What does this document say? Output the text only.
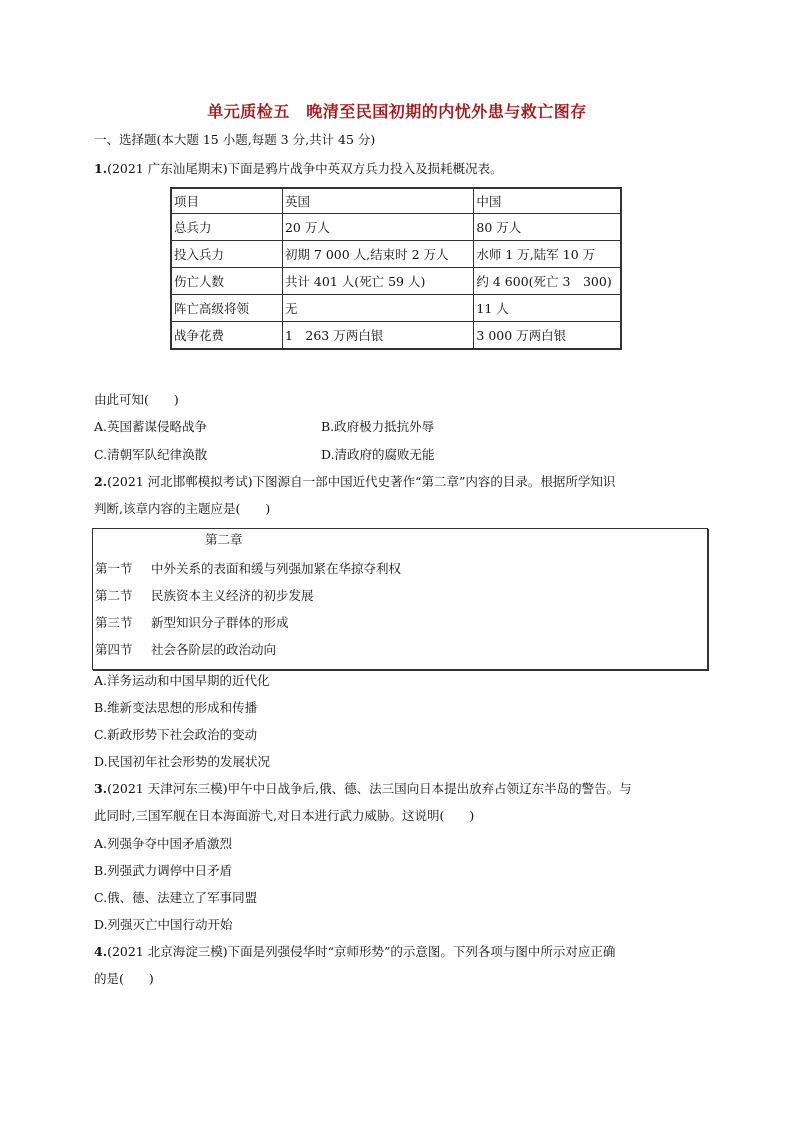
单元质检五　晚清至民国初期的内忧外患与救亡图存
一、选择题(本大题 15 小题,每题 3 分,共计 45 分)
1.(2021 广东汕尾期末)下面是鸦片战争中英双方兵力投入及损耗概况表。
项目	英国	中国
总兵力	20 万人	80 万人
投入兵力	初期 7 000 人,结束时 2 万人	水师 1 万,陆军 10 万
伤亡人数	共计 401 人(死亡 59 人)	约 4 600(死亡 3　300)
阵亡高级将领	无	11 人
战争花费	1　263 万两白银	3 000 万两白银
由此可知(　　)
A.英国蓄谋侵略战争	B.政府极力抵抗外辱
C.清朝军队纪律涣散	D.清政府的腐败无能
2.(2021 河北邯郸模拟考试)下图源自一部中国近代史著作“第二章”内容的目录。根据所学知识
判断,该章内容的主题应是(　　)
第二章
第一节 中外关系的表面和缓与列强加紧在华掠夺利权
第二节 民族资本主义经济的初步发展
第三节 新型知识分子群体的形成
第四节 社会各阶层的政治动向
A.洋务运动和中国早期的近代化
B.维新变法思想的形成和传播
C.新政形势下社会政治的变动
D.民国初年社会形势的发展状况
3.(2021 天津河东三模)甲午中日战争后,俄、德、法三国向日本提出放弃占领辽东半岛的警告。与
此同时,三国军舰在日本海面游弋,对日本进行武力威胁。这说明(　　)
A.列强争夺中国矛盾激烈
B.列强武力调停中日矛盾
C.俄、德、法建立了军事同盟
D.列强灭亡中国行动开始
4.(2021 北京海淀三模)下面是列强侵华时“京师形势”的示意图。下列各项与图中所示对应正确
的是(　　)
